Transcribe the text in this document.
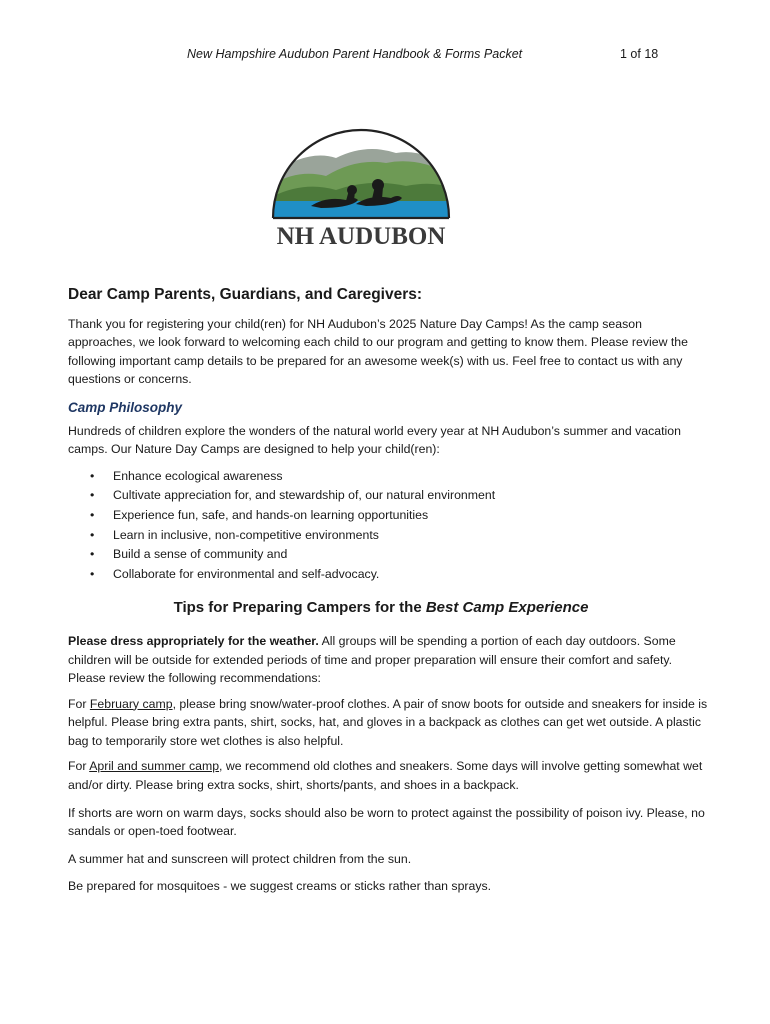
New Hampshire Audubon Parent Handbook & Forms Packet	1 of 18
NH AUDUBON
Dear Camp Parents, Guardians, and Caregivers:

Thank you for registering your child(ren) for NH Audubon’s 2025 Nature Day Camps! As the camp season approaches, we look forward to welcoming each child to our program and getting to know them. Please review the following important camp details to be prepared for an awesome week(s) with us. Feel free to contact us with any questions or concerns.

Camp Philosophy

Hundreds of children explore the wonders of the natural world every year at NH Audubon’s summer and vacation camps. Our Nature Day Camps are designed to help your child(ren):

• Enhance ecological awareness
• Cultivate appreciation for, and stewardship of, our natural environment
• Experience fun, safe, and hands-on learning opportunities
• Learn in inclusive, non-competitive environments
• Build a sense of community and
• Collaborate for environmental and self-advocacy.
Tips for Preparing Campers for the Best Camp Experience

Please dress appropriately for the weather. All groups will be spending a portion of each day outdoors. Some children will be outside for extended periods of time and proper preparation will ensure their comfort and safety. Please review the following recommendations:

For February camp, please bring snow/water-proof clothes. A pair of snow boots for outside and sneakers for inside is helpful. Please bring extra pants, shirt, socks, hat, and gloves in a backpack as clothes can get wet outside. A plastic bag to temporarily store wet clothes is also helpful.

For April and summer camp, we recommend old clothes and sneakers. Some days will involve getting somewhat wet and/or dirty. Please bring extra socks, shirt, shorts/pants, and shoes in a backpack.

If shorts are worn on warm days, socks should also be worn to protect against the possibility of poison ivy. Please, no sandals or open-toed footwear.

A summer hat and sunscreen will protect children from the sun.

Be prepared for mosquitoes - we suggest creams or sticks rather than sprays.
